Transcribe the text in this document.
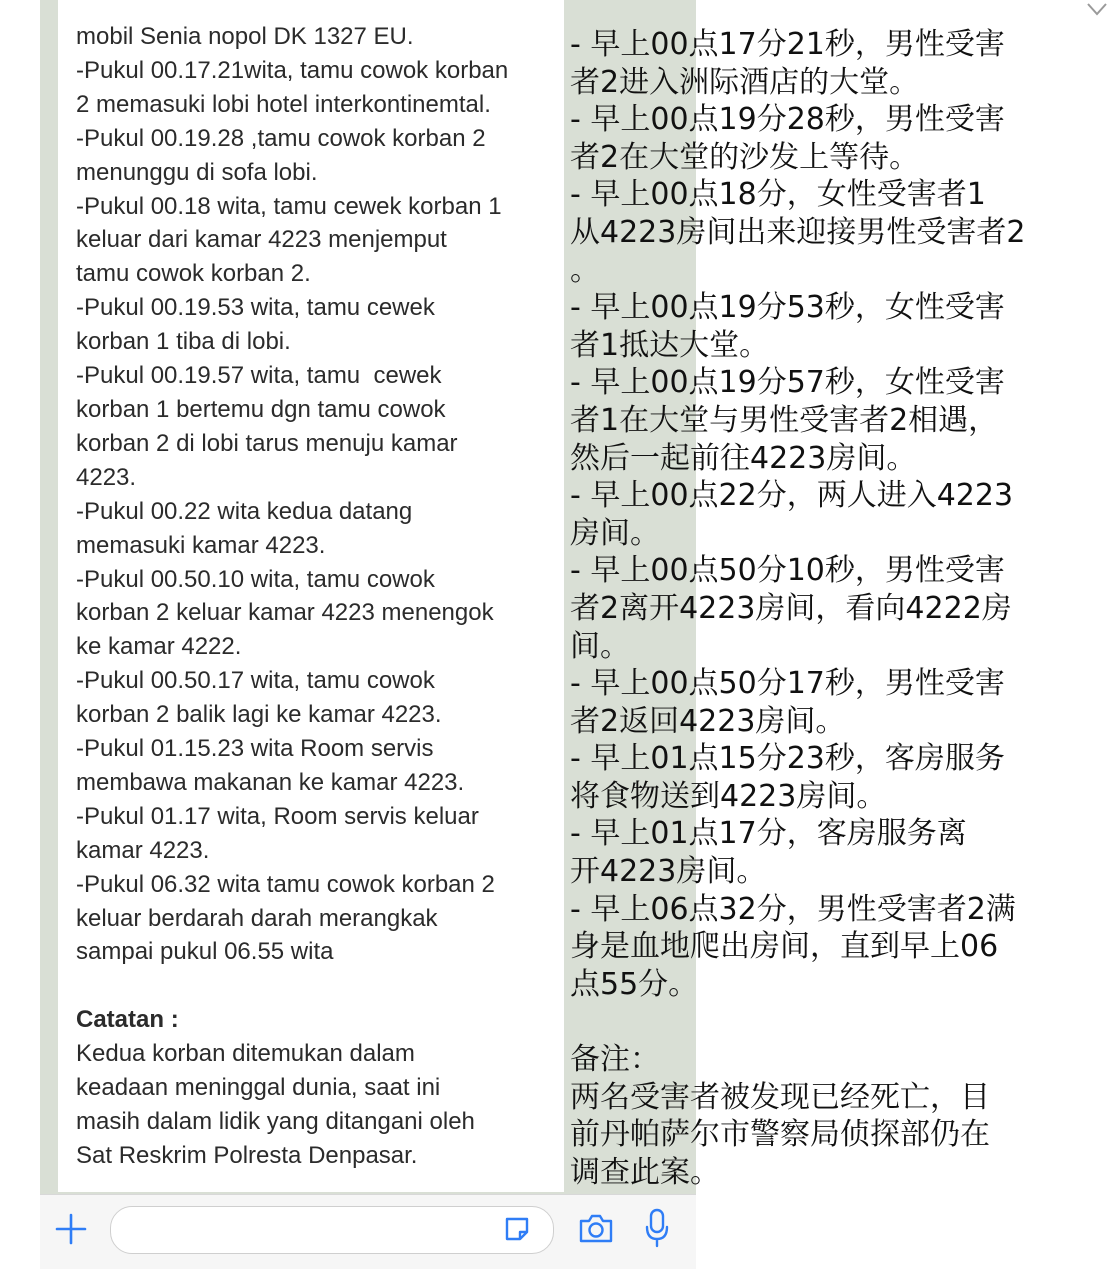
mobil Senia nopol DK 1327 EU.
-Pukul 00.17.21wita, tamu cowok korban
2 memasuki lobi hotel interkontinemtal.
-Pukul 00.19.28 ,tamu cowok korban 2
menunggu di sofa lobi.
-Pukul 00.18 wita, tamu cewek korban 1
keluar dari kamar 4223 menjemput
tamu cowok korban 2.
-Pukul 00.19.53 wita, tamu cewek
korban 1 tiba di lobi.
-Pukul 00.19.57 wita, tamu  cewek
korban 1 bertemu dgn tamu cowok
korban 2 di lobi tarus menuju kamar
4223.
-Pukul 00.22 wita kedua datang
memasuki kamar 4223.
-Pukul 00.50.10 wita, tamu cowok
korban 2 keluar kamar 4223 menengok
ke kamar 4222.
-Pukul 00.50.17 wita, tamu cowok
korban 2 balik lagi ke kamar 4223.
-Pukul 01.15.23 wita Room servis
membawa makanan ke kamar 4223.
-Pukul 01.17 wita, Room servis keluar
kamar 4223.
-Pukul 06.32 wita tamu cowok korban 2
keluar berdarah darah merangkak
sampai pukul 06.55 wita
Catatan :
Kedua korban ditemukan dalam
keadaan meninggal dunia, saat ini
masih dalam lidik yang ditangani oleh
Sat Reskrim Polresta Denpasar.
- 早上00点17分21秒，男性受害
者2进入洲际酒店的大堂。
- 早上00点19分28秒，男性受害
者2在大堂的沙发上等待。
- 早上00点18分，女性受害者1
从4223房间出来迎接男性受害者2
。
- 早上00点19分53秒，女性受害
者1抵达大堂。
- 早上00点19分57秒，女性受害
者1在大堂与男性受害者2相遇，
然后一起前往4223房间。
- 早上00点22分，两人进入4223
房间。
- 早上00点50分10秒，男性受害
者2离开4223房间，看向4222房
间。
- 早上00点50分17秒，男性受害
者2返回4223房间。
- 早上01点15分23秒，客房服务
将食物送到4223房间。
- 早上01点17分，客房服务离
开4223房间。
- 早上06点32分，男性受害者2满
身是血地爬出房间，直到早上06
点55分。
备注：
两名受害者被发现已经死亡，目
前丹帕萨尔市警察局侦探部仍在
调查此案。
